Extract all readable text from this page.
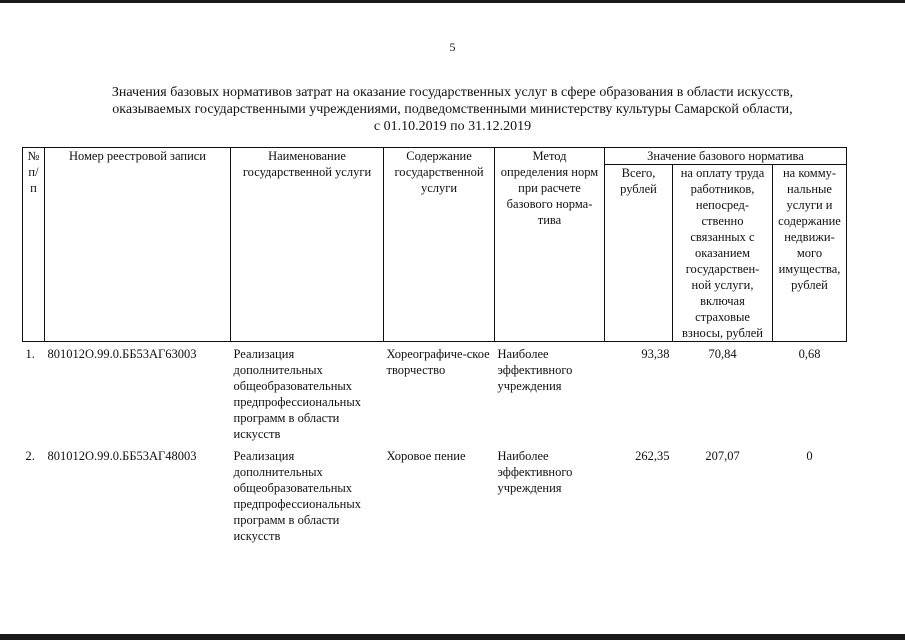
5
Значения базовых нормативов затрат на оказание государственных услуг в сфере образования в области искусств,
оказываемых государственными учреждениями, подведомственными министерству культуры Самарской области,
с 01.10.2019 по 31.12.2019
№ п/п	Номер реестровой записи	Наименование государственной услуги	Содержание государственной услуги	Метод определения норм при расчете базового норма-тива	Значение базового норматива		
					Всего, рублей	на оплату труда работников, непосред-ственно связанных с оказанием государствен-ной услуги, включая страховые взносы, рублей	на комму-нальные услуги и содержание недвижи-мого имущества, рублей
1.	801012О.99.0.ББ53АГ63003	Реализация дополнительных общеобразовательных предпрофессиональных программ в области искусств	Хореографиче-ское творчество	Наиболее эффективного учреждения	93,38	70,84	0,68
2.	801012О.99.0.ББ53АГ48003	Реализация дополнительных общеобразовательных предпрофессиональных программ в области искусств	Хоровое пение	Наиболее эффективного учреждения	262,35	207,07	0
